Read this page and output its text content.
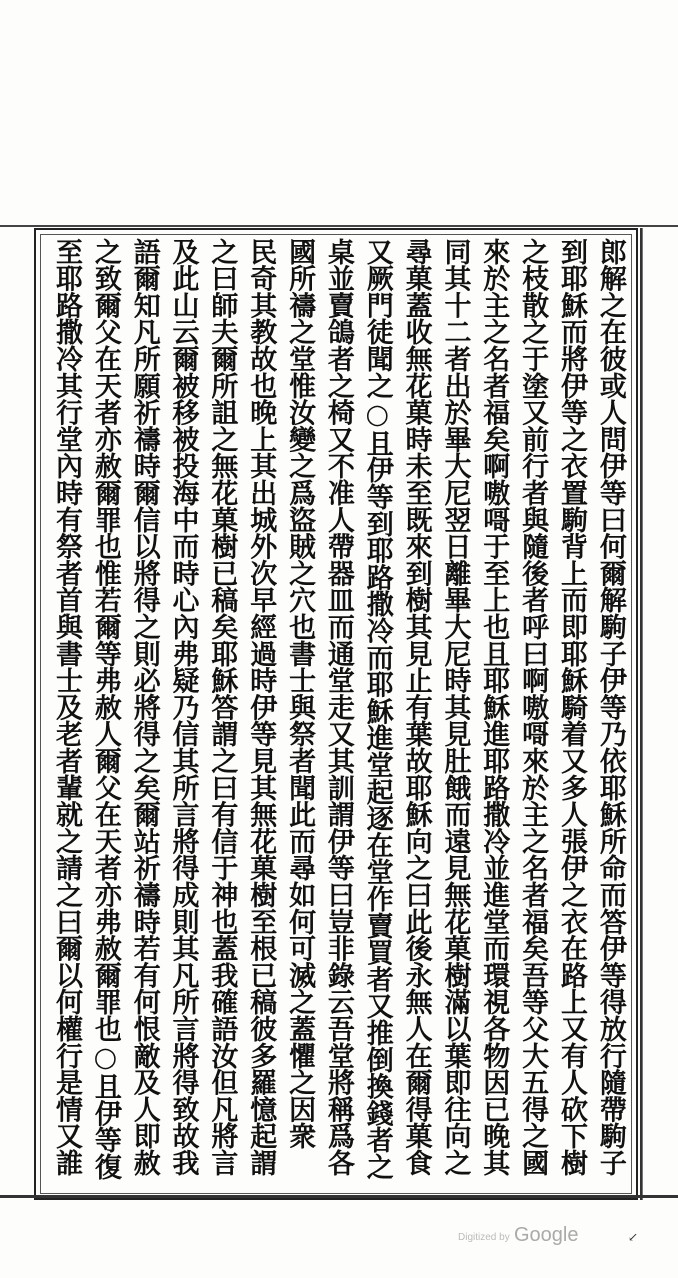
郎解之在彼或人問伊等曰何爾解駒子伊等乃依耶穌所命而答伊等得放行隨帶駒子
到耶穌而將伊等之衣置駒背上而即耶穌騎着又多人張伊之衣在路上又有人砍下樹
之枝散之于塗又前行者與隨後者呼曰啊嗷𠹭來於主之名者福矣吾等父大五得之國
來於主之名者福矣啊嗷𠹭于至上也且耶穌進耶路撒冷並進堂而環視各物因已晚其
同其十二者出於畢大尼翌日離畢大尼時其見肚餓而遠見無花菓樹滿以葉即往向之
尋菓蓋收無花菓時未至既來到樹其見止有葉故耶穌向之曰此後永無人在爾得菓食
又厥門徒聞之○且伊等到耶路撒冷而耶穌進堂起逐在堂作賣買者又推倒換錢者之
桌並賣鴿者之椅又不准人帶器皿而通堂走又其訓謂伊等曰豈非錄云吾堂將稱爲各
國所禱之堂惟汝變之爲盜賊之穴也書士與祭者聞此而尋如何可滅之蓋懼之因衆
民奇其教故也晚上其出城外次早經過時伊等見其無花菓樹至根已稿彼多羅憶起謂
之曰師夫爾所詛之無花菓樹已稿矣耶穌答謂之曰有信于神也蓋我確語汝但凡將言
及此山云爾被移被投海中而時心內弗疑乃信其所言將得成則其凡所言將得致故我
語爾知凡所願祈禱時爾信以將得之則必將得之矣爾站祈禱時若有何恨敵及人即赦
之致爾父在天者亦赦爾罪也惟若爾等弗赦人爾父在天者亦弗赦爾罪也○且伊等復
至耶路撒冷其行堂內時有祭者首與書士及老者輩就之請之曰爾以何權行是情又誰
Digitized by Google	↙
